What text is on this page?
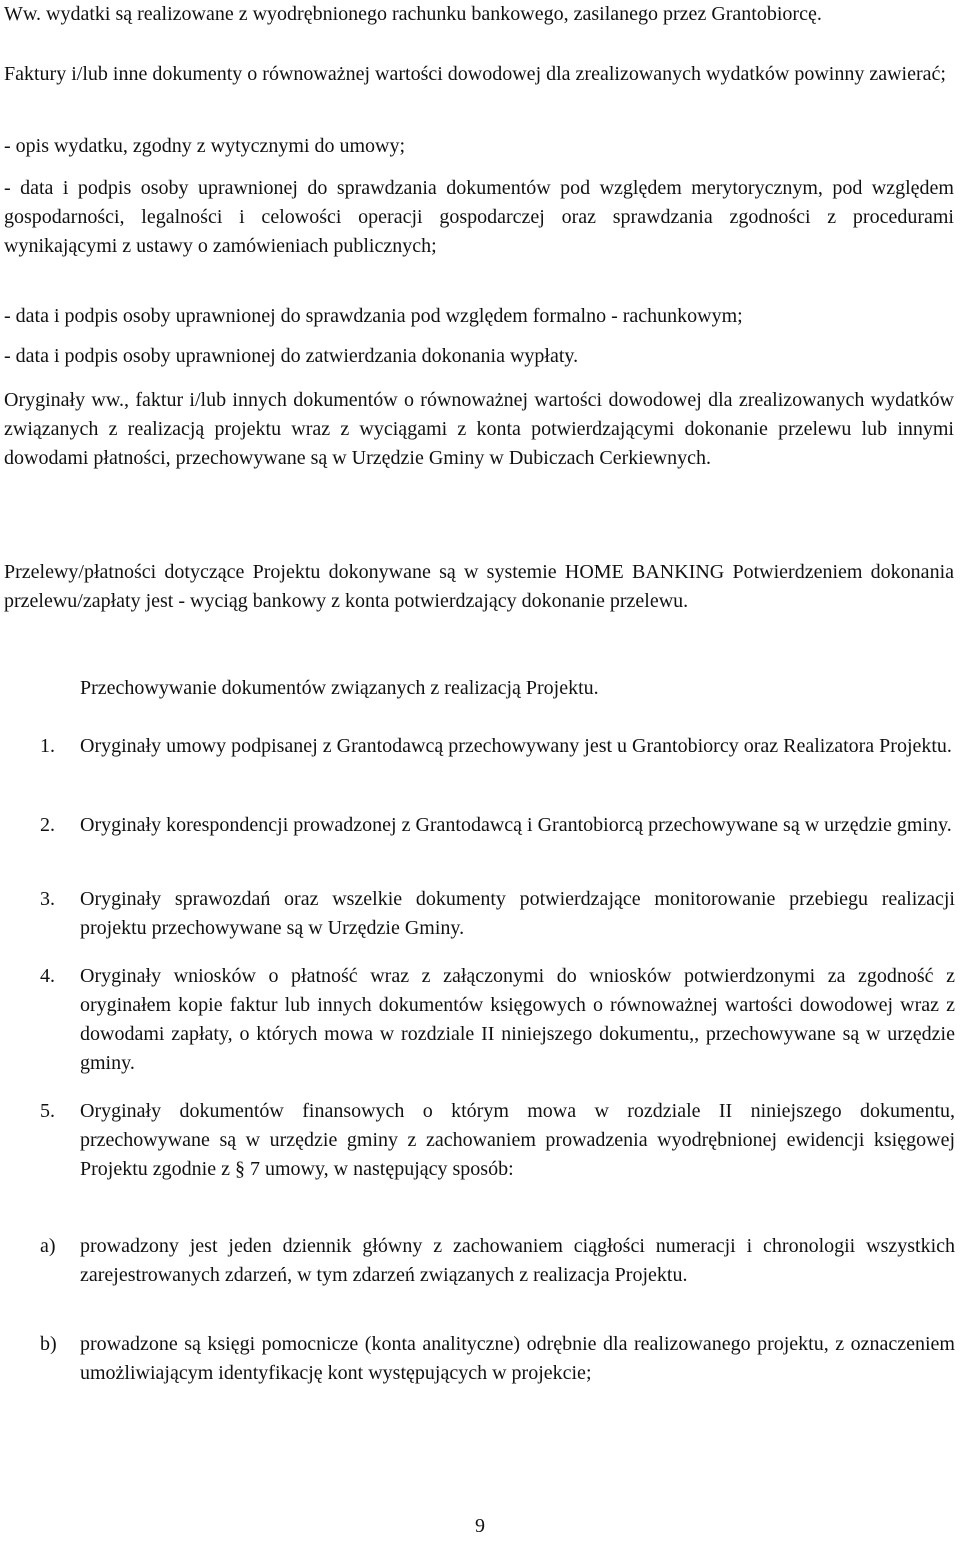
Ww. wydatki są realizowane z wyodrębnionego rachunku bankowego, zasilanego przez Grantobiorcę.

Faktury i/lub inne dokumenty o równoważnej wartości dowodowej dla zrealizowanych wydatków powinny zawierać;

- opis wydatku, zgodny z wytycznymi do umowy;

- data i podpis osoby uprawnionej do sprawdzania dokumentów pod względem merytorycznym, pod względem gospodarności, legalności i celowości operacji gospodarczej oraz sprawdzania zgodności z procedurami wynikającymi z ustawy o zamówieniach publicznych;

- data i podpis osoby uprawnionej do sprawdzania pod względem formalno - rachunkowym;

- data i podpis osoby uprawnionej do zatwierdzania dokonania wypłaty.

Oryginały ww., faktur i/lub innych dokumentów o równoważnej wartości dowodowej dla zrealizowanych wydatków związanych z realizacją projektu wraz z wyciągami z konta potwierdzającymi dokonanie przelewu lub innymi dowodami płatności, przechowywane są w Urzędzie Gminy w Dubiczach Cerkiewnych.

Przelewy/płatności dotyczące Projektu dokonywane są w systemie HOME BANKING Potwierdzeniem dokonania przelewu/zapłaty jest - wyciąg bankowy z konta potwierdzający dokonanie przelewu.

Przechowywanie dokumentów związanych z realizacją Projektu.

1. Oryginały umowy podpisanej z Grantodawcą przechowywany jest u Grantobiorcy oraz Realizatora Projektu.

2. Oryginały korespondencji prowadzonej z Grantodawcą i Grantobiorcą przechowywane są w urzędzie gminy.

3. Oryginały sprawozdań oraz wszelkie dokumenty potwierdzające monitorowanie przebiegu realizacji projektu przechowywane są w Urzędzie Gminy.

4. Oryginały wniosków o płatność wraz z załączonymi do wniosków potwierdzonymi za zgodność z oryginałem kopie faktur lub innych dokumentów księgowych o równoważnej wartości dowodowej wraz z dowodami zapłaty, o których mowa w rozdziale II niniejszego dokumentu,, przechowywane są w urzędzie gminy.

5. Oryginały dokumentów finansowych o którym mowa w rozdziale II niniejszego dokumentu, przechowywane są w urzędzie gminy z zachowaniem prowadzenia wyodrębnionej ewidencji księgowej Projektu zgodnie z § 7 umowy, w następujący sposób:

a) prowadzony jest jeden dziennik główny z zachowaniem ciągłości numeracji i chronologii wszystkich zarejestrowanych zdarzeń, w tym zdarzeń związanych z realizacja Projektu.

b) prowadzone są księgi pomocnicze (konta analityczne) odrębnie dla realizowanego projektu, z oznaczeniem umożliwiającym identyfikację kont występujących w projekcie;

9
